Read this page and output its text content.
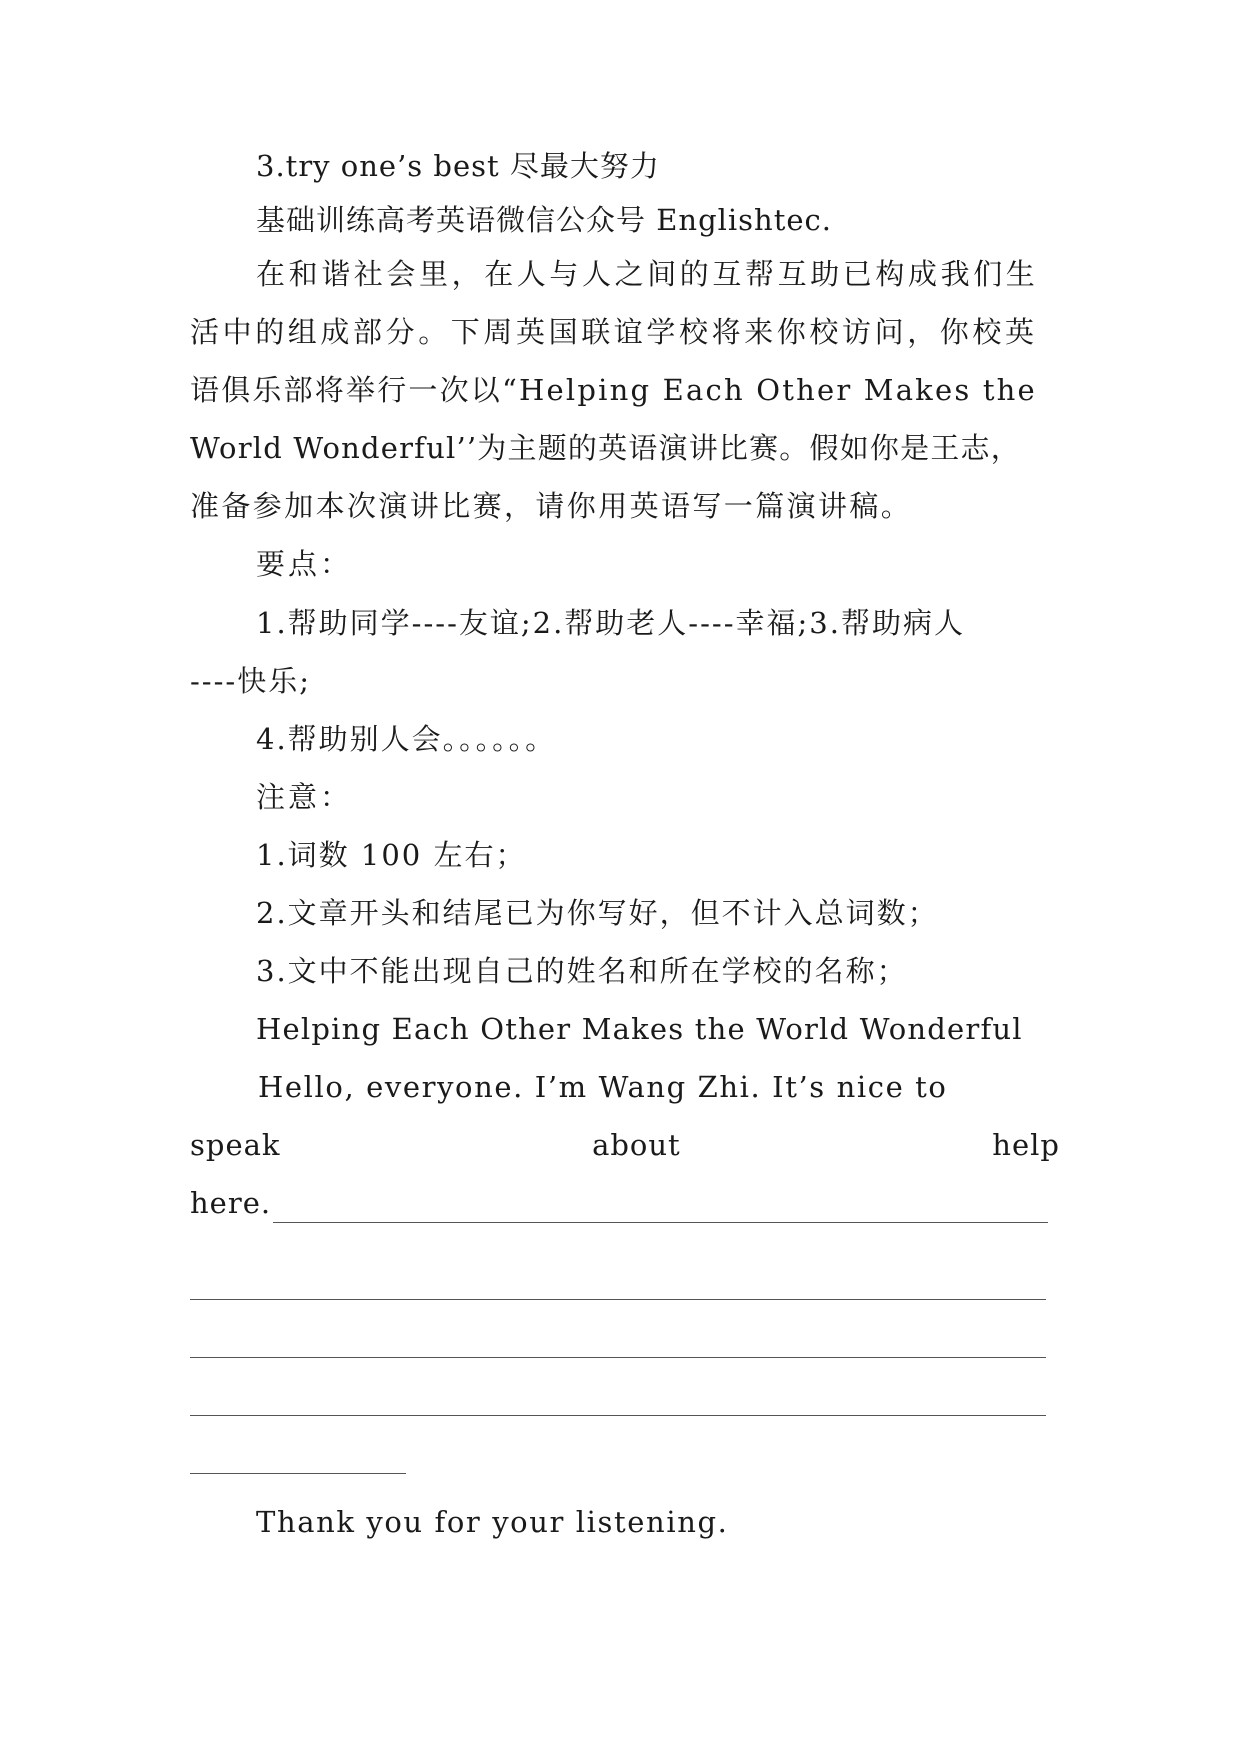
3.try one’s best 尽最大努力
基础训练高考英语微信公众号 Englishtec.
在和谐社会里，在人与人之间的互帮互助已构成我们生
活中的组成部分。下周英国联谊学校将来你校访问，你校英
语俱乐部将举行一次以“Helping Each Other Makes the
World Wonderful’’为主题的英语演讲比赛。假如你是王志，
准备参加本次演讲比赛，请你用英语写一篇演讲稿。
要点：
1.帮助同学----友谊;2.帮助老人----幸福;3.帮助病人
----快乐;
4.帮助别人会。。。。。。
注意：
1.词数 100 左右；
2.文章开头和结尾已为你写好，但不计入总词数；
3.文中不能出现自己的姓名和所在学校的名称；
Helping Each Other Makes the World Wonderful
Hello, everyone. I’m Wang Zhi. It’s nice to
speak	about	help
here.
Thank you for your listening.
